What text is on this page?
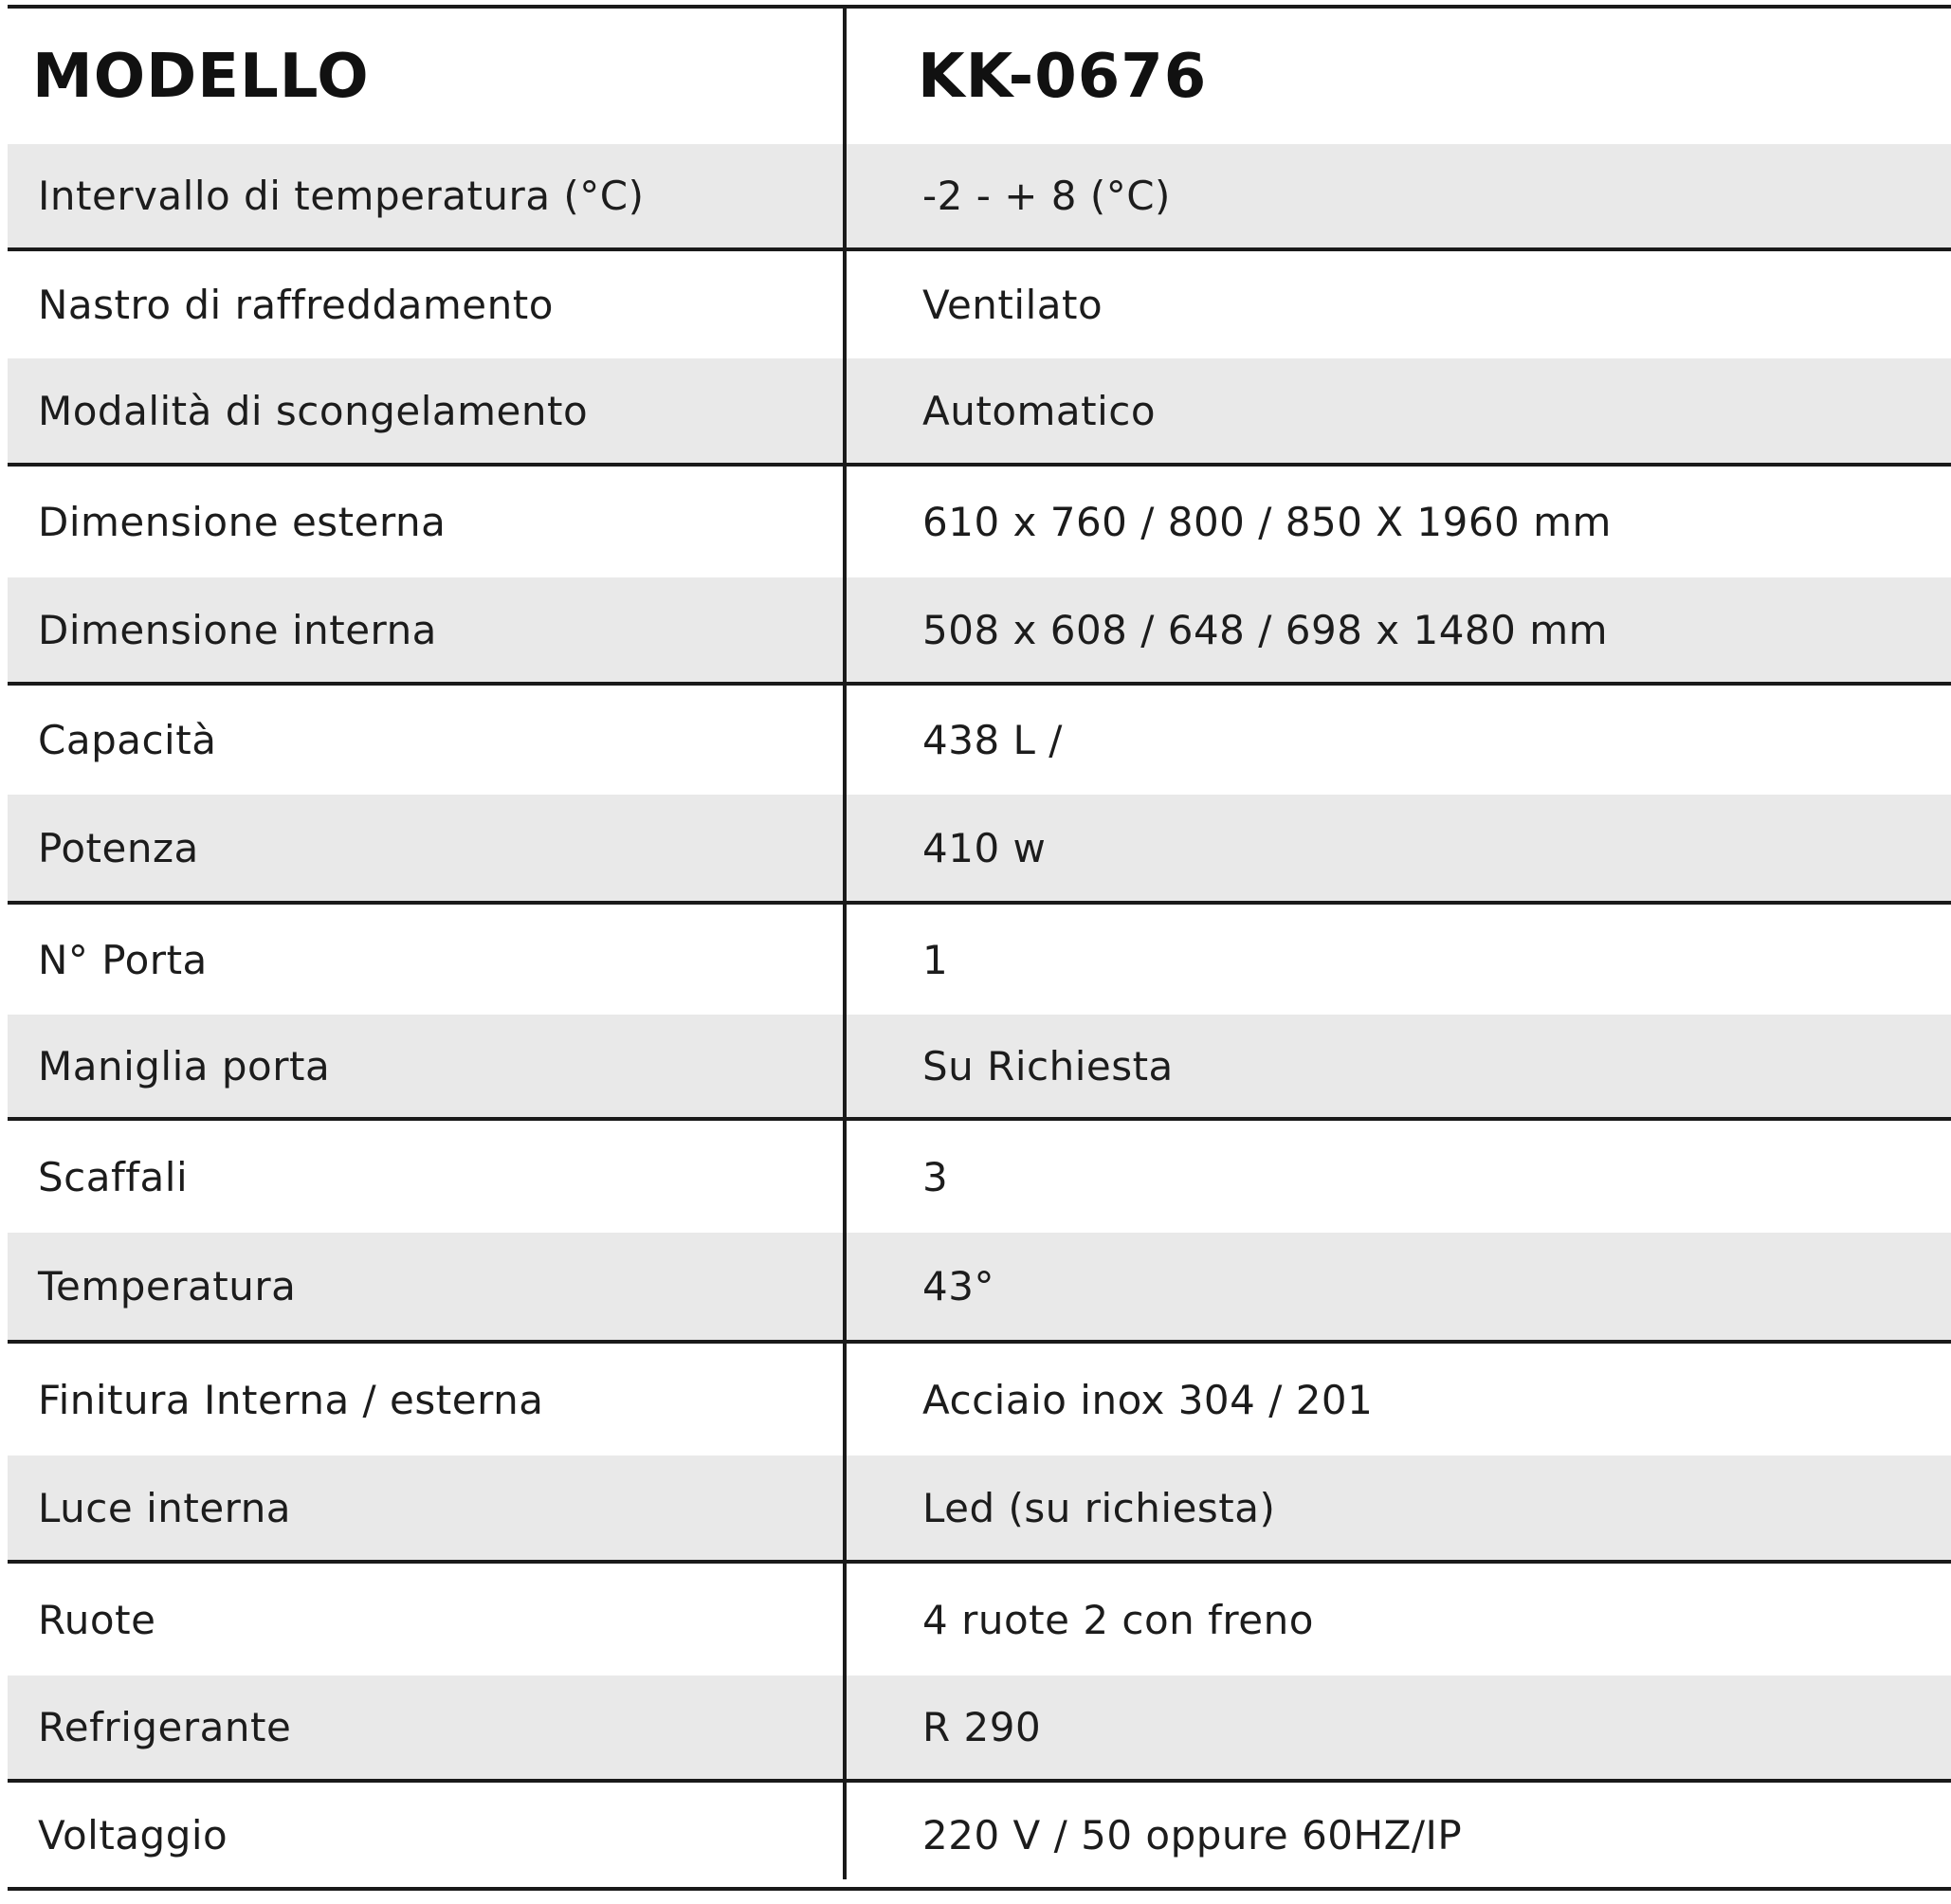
MODELLO	KK-0676
Intervallo di temperatura (°C)	-2 - + 8 (°C)
Nastro di raffreddamento	Ventilato
Modalità di scongelamento	Automatico
Dimensione esterna	610 x 760 / 800 / 850 X 1960 mm
Dimensione interna	508 x 608 / 648 / 698 x 1480 mm
Capacità	438 L /
Potenza	410 w
N° Porta	1
Maniglia porta	Su Richiesta
Scaffali	3
Temperatura	43°
Finitura Interna / esterna	Acciaio inox 304 / 201
Luce interna	Led (su richiesta)
Ruote	4 ruote 2 con freno
Refrigerante	R 290
Voltaggio	220 V / 50 oppure 60HZ/IP
